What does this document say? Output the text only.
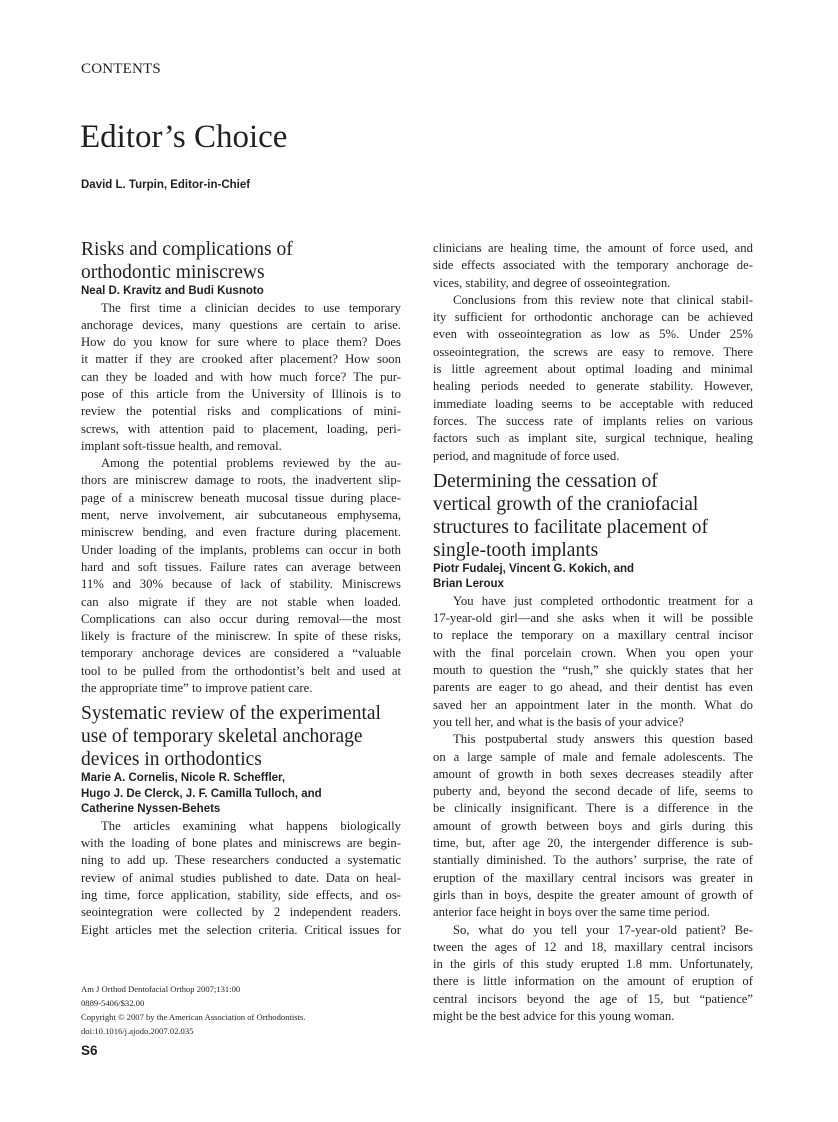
CONTENTS
Editor’s Choice
David L. Turpin, Editor-in-Chief
Risks and complications of
orthodontic miniscrews
Neal D. Kravitz and Budi Kusnoto
The first time a clinician decides to use temporary
anchorage devices, many questions are certain to arise.
How do you know for sure where to place them? Does
it matter if they are crooked after placement? How soon
can they be loaded and with how much force? The pur-
pose of this article from the University of Illinois is to
review the potential risks and complications of mini-
screws, with attention paid to placement, loading, peri-
implant soft-tissue health, and removal.
Among the potential problems reviewed by the au-
thors are miniscrew damage to roots, the inadvertent slip-
page of a miniscrew beneath mucosal tissue during place-
ment, nerve involvement, air subcutaneous emphysema,
miniscrew bending, and even fracture during placement.
Under loading of the implants, problems can occur in both
hard and soft tissues. Failure rates can average between
11% and 30% because of lack of stability. Miniscrews
can also migrate if they are not stable when loaded.
Complications can also occur during removal—the most
likely is fracture of the miniscrew. In spite of these risks,
temporary anchorage devices are considered a “valuable
tool to be pulled from the orthodontist’s belt and used at
the appropriate time” to improve patient care.
Systematic review of the experimental
use of temporary skeletal anchorage
devices in orthodontics
Marie A. Cornelis, Nicole R. Scheffler,
Hugo J. De Clerck, J. F. Camilla Tulloch, and
Catherine Nyssen-Behets
The articles examining what happens biologically
with the loading of bone plates and miniscrews are begin-
ning to add up. These researchers conducted a systematic
review of animal studies published to date. Data on heal-
ing time, force application, stability, side effects, and os-
seointegration were collected by 2 independent readers.
Eight articles met the selection criteria. Critical issues for
clinicians are healing time, the amount of force used, and
side effects associated with the temporary anchorage de-
vices, stability, and degree of osseointegration.
Conclusions from this review note that clinical stabil-
ity sufficient for orthodontic anchorage can be achieved
even with osseointegration as low as 5%. Under 25%
osseointegration, the screws are easy to remove. There
is little agreement about optimal loading and minimal
healing periods needed to generate stability. However,
immediate loading seems to be acceptable with reduced
forces. The success rate of implants relies on various
factors such as implant site, surgical technique, healing
period, and magnitude of force used.
Determining the cessation of
vertical growth of the craniofacial
structures to facilitate placement of
single-tooth implants
Piotr Fudalej, Vincent G. Kokich, and
Brian Leroux
You have just completed orthodontic treatment for a
17-year-old girl—and she asks when it will be possible
to replace the temporary on a maxillary central incisor
with the final porcelain crown. When you open your
mouth to question the “rush,” she quickly states that her
parents are eager to go ahead, and their dentist has even
saved her an appointment later in the month. What do
you tell her, and what is the basis of your advice?
This postpubertal study answers this question based
on a large sample of male and female adolescents. The
amount of growth in both sexes decreases steadily after
puberty and, beyond the second decade of life, seems to
be clinically insignificant. There is a difference in the
amount of growth between boys and girls during this
time, but, after age 20, the intergender difference is sub-
stantially diminished. To the authors’ surprise, the rate of
eruption of the maxillary central incisors was greater in
girls than in boys, despite the greater amount of growth of
anterior face height in boys over the same time period.
So, what do you tell your 17-year-old patient? Be-
tween the ages of 12 and 18, maxillary central incisors
in the girls of this study erupted 1.8 mm. Unfortunately,
there is little information on the amount of eruption of
central incisors beyond the age of 15, but “patience”
might be the best advice for this young woman.
Am J Orthod Dentofacial Orthop 2007;131:00
0889-5406/$32.00
Copyright © 2007 by the American Association of Orthodontists.
doi:10.1016/j.ajodo.2007.02.035
S6
